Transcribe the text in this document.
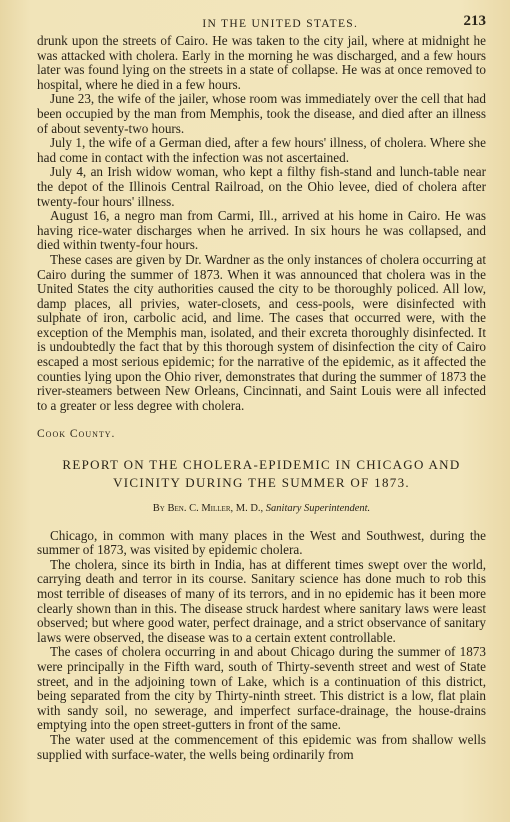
IN THE UNITED STATES.	213

drunk upon the streets of Cairo. He was taken to the city jail, where at midnight he was attacked with cholera. Early in the morning he was discharged, and a few hours later was found lying on the streets in a state of collapse. He was at once removed to hospital, where he died in a few hours.

June 23, the wife of the jailer, whose room was immediately over the cell that had been occupied by the man from Memphis, took the disease, and died after an illness of about seventy-two hours.

July 1, the wife of a German died, after a few hours' illness, of cholera. Where she had come in contact with the infection was not ascertained.

July 4, an Irish widow woman, who kept a filthy fish-stand and lunch-table near the depot of the Illinois Central Railroad, on the Ohio levee, died of cholera after twenty-four hours' illness.

August 16, a negro man from Carmi, Ill., arrived at his home in Cairo. He was having rice-water discharges when he arrived. In six hours he was collapsed, and died within twenty-four hours.

These cases are given by Dr. Wardner as the only instances of cholera occurring at Cairo during the summer of 1873. When it was announced that cholera was in the United States the city authorities caused the city to be thoroughly policed. All low, damp places, all privies, water-closets, and cess-pools, were disinfected with sulphate of iron, carbolic acid, and lime. The cases that occurred were, with the exception of the Memphis man, isolated, and their excreta thoroughly disinfected. It is undoubtedly the fact that by this thorough system of disinfection the city of Cairo escaped a most serious epidemic; for the narrative of the epidemic, as it affected the counties lying upon the Ohio river, demonstrates that during the summer of 1873 the river-steamers between New Orleans, Cincinnati, and Saint Louis were all infected to a greater or less degree with cholera.

Cook County.

REPORT ON THE CHOLERA-EPIDEMIC IN CHICAGO AND VICINITY DURING THE SUMMER OF 1873.

By Ben. C. Miller, M. D., Sanitary Superintendent.

Chicago, in common with many places in the West and Southwest, during the summer of 1873, was visited by epidemic cholera.

The cholera, since its birth in India, has at different times swept over the world, carrying death and terror in its course. Sanitary science has done much to rob this most terrible of diseases of many of its terrors, and in no epidemic has it been more clearly shown than in this. The disease struck hardest where sanitary laws were least observed; but where good water, perfect drainage, and a strict observance of sanitary laws were observed, the disease was to a certain extent controllable.

The cases of cholera occurring in and about Chicago during the summer of 1873 were principally in the Fifth ward, south of Thirty-seventh street and west of State street, and in the adjoining town of Lake, which is a continuation of this district, being separated from the city by Thirty-ninth street. This district is a low, flat plain with sandy soil, no sewerage, and imperfect surface-drainage, the house-drains emptying into the open street-gutters in front of the same.

The water used at the commencement of this epidemic was from shallow wells supplied with surface-water, the wells being ordinarily from
